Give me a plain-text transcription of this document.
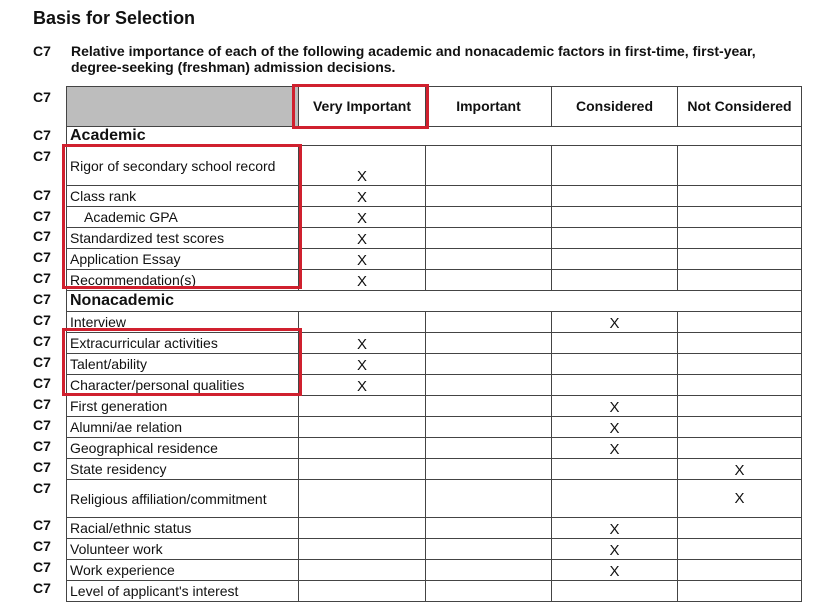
Basis for Selection
C7 Relative importance of each of the following academic and nonacademic factors in first-time, first-year, degree-seeking (freshman) admission decisions.
C7
C7
C7
C7
C7
C7
C7
C7
C7
C7
C7
C7
C7
C7
C7
C7
C7
C7
C7
C7
C7
C7
	Very Important	Important	Considered	Not Considered
Academic				
Rigor of secondary school record	X			
Class rank	X			
Academic GPA	X			
Standardized test scores	X			
Application Essay	X			
Recommendation(s)	X			
Nonacademic				
Interview			X	
Extracurricular activities	X			
Talent/ability	X			
Character/personal qualities	X			
First generation			X	
Alumni/ae relation			X	
Geographical residence			X	
State residency				X
Religious affiliation/commitment				X
Racial/ethnic status			X	
Volunteer work			X	
Work experience			X	
Level of applicant's interest				
